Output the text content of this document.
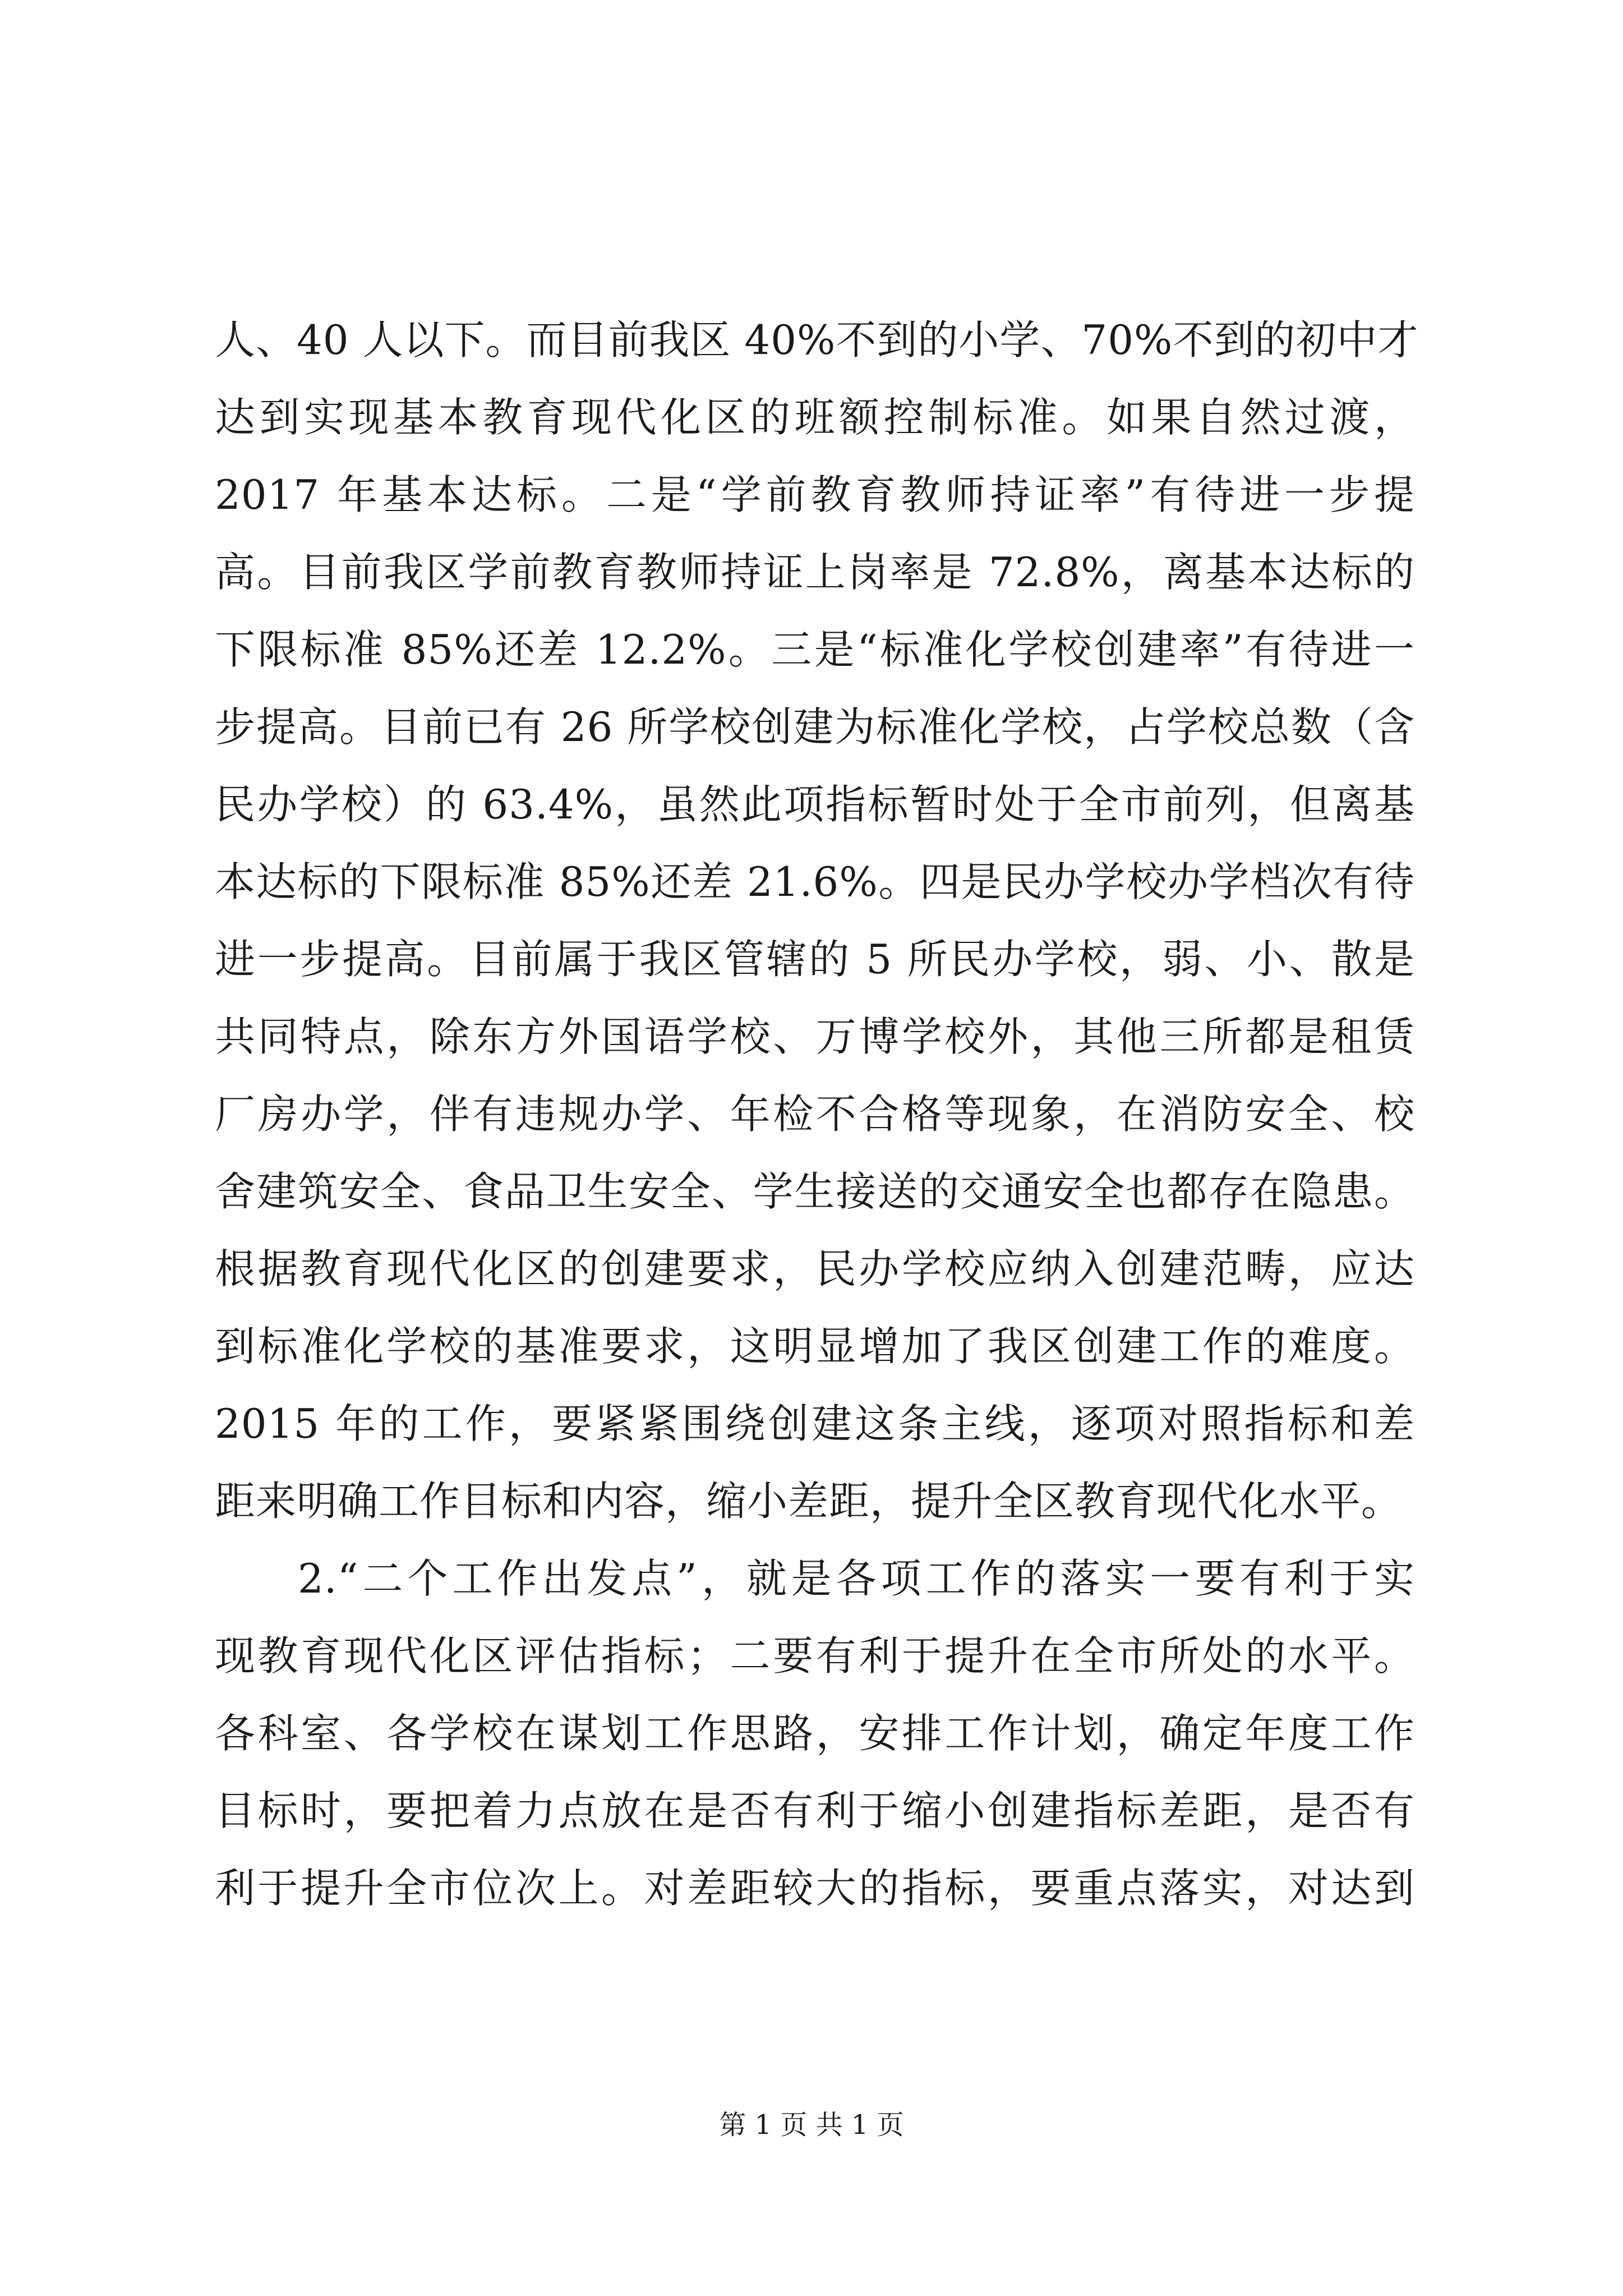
人、40 人以下。而目前我区 40%不到的小学、70%不到的初中才
达到实现基本教育现代化区的班额控制标准。如果自然过渡，
2017 年基本达标。二是“学前教育教师持证率”有待进一步提
高。目前我区学前教育教师持证上岗率是 72.8%，离基本达标的
下限标准 85%还差 12.2%。三是“标准化学校创建率”有待进一
步提高。目前已有 26 所学校创建为标准化学校，占学校总数（含
民办学校）的 63.4%，虽然此项指标暂时处于全市前列，但离基
本达标的下限标准 85%还差 21.6%。四是民办学校办学档次有待
进一步提高。目前属于我区管辖的 5 所民办学校，弱、小、散是
共同特点，除东方外国语学校、万博学校外，其他三所都是租赁
厂房办学，伴有违规办学、年检不合格等现象，在消防安全、校
舍建筑安全、食品卫生安全、学生接送的交通安全也都存在隐患。
根据教育现代化区的创建要求，民办学校应纳入创建范畴，应达
到标准化学校的基准要求，这明显增加了我区创建工作的难度。
2015 年的工作，要紧紧围绕创建这条主线，逐项对照指标和差
距来明确工作目标和内容，缩小差距，提升全区教育现代化水平。
2.“二个工作出发点”，就是各项工作的落实一要有利于实
现教育现代化区评估指标；二要有利于提升在全市所处的水平。
各科室、各学校在谋划工作思路，安排工作计划，确定年度工作
目标时，要把着力点放在是否有利于缩小创建指标差距，是否有
利于提升全市位次上。对差距较大的指标，要重点落实，对达到
第 1 页 共 1 页
